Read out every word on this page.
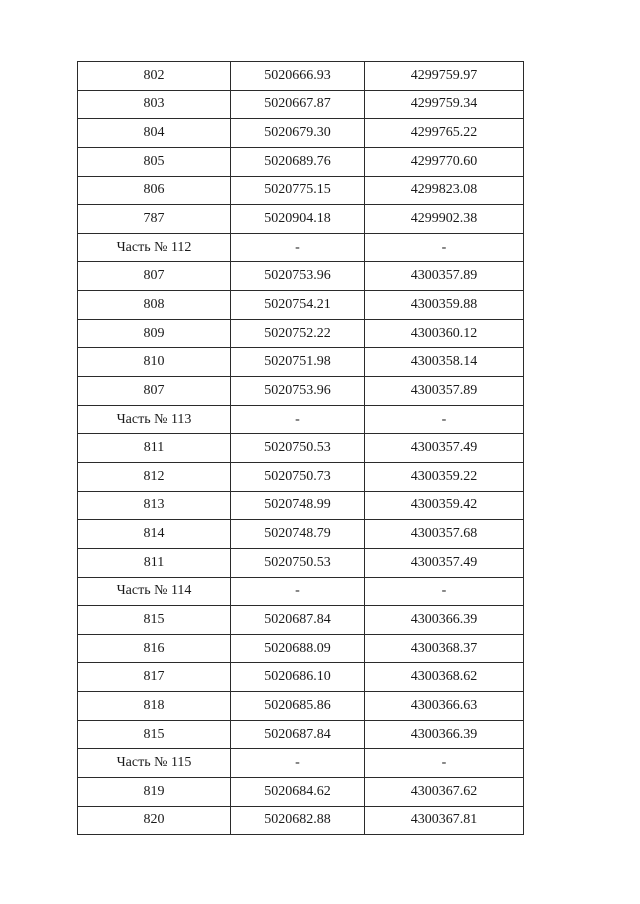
802	5020666.93	4299759.97
803	5020667.87	4299759.34
804	5020679.30	4299765.22
805	5020689.76	4299770.60
806	5020775.15	4299823.08
787	5020904.18	4299902.38
Часть № 112	-	-
807	5020753.96	4300357.89
808	5020754.21	4300359.88
809	5020752.22	4300360.12
810	5020751.98	4300358.14
807	5020753.96	4300357.89
Часть № 113	-	-
811	5020750.53	4300357.49
812	5020750.73	4300359.22
813	5020748.99	4300359.42
814	5020748.79	4300357.68
811	5020750.53	4300357.49
Часть № 114	-	-
815	5020687.84	4300366.39
816	5020688.09	4300368.37
817	5020686.10	4300368.62
818	5020685.86	4300366.63
815	5020687.84	4300366.39
Часть № 115	-	-
819	5020684.62	4300367.62
820	5020682.88	4300367.81
